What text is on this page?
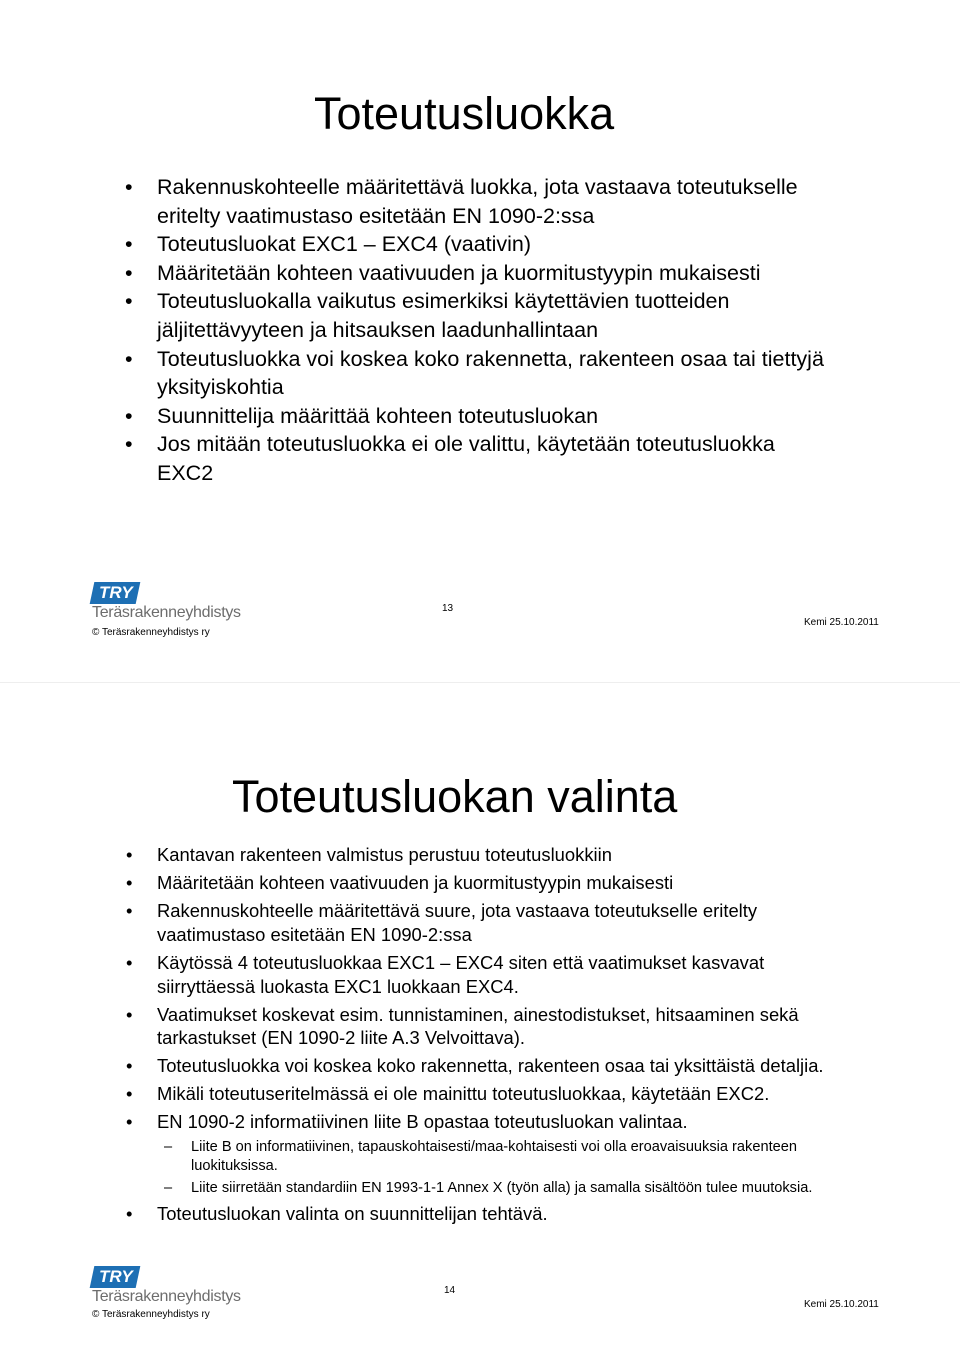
Toteutusluokka
• Rakennuskohteelle määritettävä luokka, jota vastaava toteutukselle eritelty vaatimustaso esitetään EN 1090-2:ssa
• Toteutusluokat EXC1 – EXC4 (vaativin)
• Määritetään kohteen vaativuuden ja kuormitustyypin mukaisesti
• Toteutusluokalla vaikutus esimerkiksi käytettävien tuotteiden jäljitettävyyteen ja hitsauksen laadunhallintaan
• Toteutusluokka voi koskea koko rakennetta, rakenteen osaa tai tiettyjä yksityiskohtia
• Suunnittelija määrittää kohteen toteutusluokan
• Jos mitään toteutusluokka ei ole valittu, käytetään toteutusluokka EXC2
TRY
Teräsrakenneyhdistys
© Teräsrakenneyhdistys ry
13
Kemi 25.10.2011
Toteutusluokan valinta
• Kantavan rakenteen valmistus perustuu toteutusluokkiin
• Määritetään kohteen vaativuuden ja kuormitustyypin mukaisesti
• Rakennuskohteelle määritettävä suure, jota vastaava toteutukselle eritelty vaatimustaso esitetään EN 1090-2:ssa
• Käytössä 4 toteutusluokkaa EXC1 – EXC4 siten että vaatimukset kasvavat siirryttäessä luokasta EXC1 luokkaan EXC4.
• Vaatimukset koskevat esim. tunnistaminen, ainestodistukset, hitsaaminen sekä tarkastukset (EN 1090-2 liite A.3 Velvoittava).
• Toteutusluokka voi koskea koko rakennetta, rakenteen osaa tai yksittäistä detaljia.
• Mikäli toteutuseritelmässä ei ole mainittu toteutusluokkaa, käytetään EXC2.
• EN 1090-2 informatiivinen liite B opastaa toteutusluokan valintaa.
– Liite B on informatiivinen, tapauskohtaisesti/maa-kohtaisesti voi olla eroavaisuuksia rakenteen luokituksissa.
– Liite siirretään standardiin EN 1993-1-1 Annex X (työn alla) ja samalla sisältöön tulee muutoksia.
• Toteutusluokan valinta on suunnittelijan tehtävä.
TRY
Teräsrakenneyhdistys
© Teräsrakenneyhdistys ry
14
Kemi 25.10.2011
